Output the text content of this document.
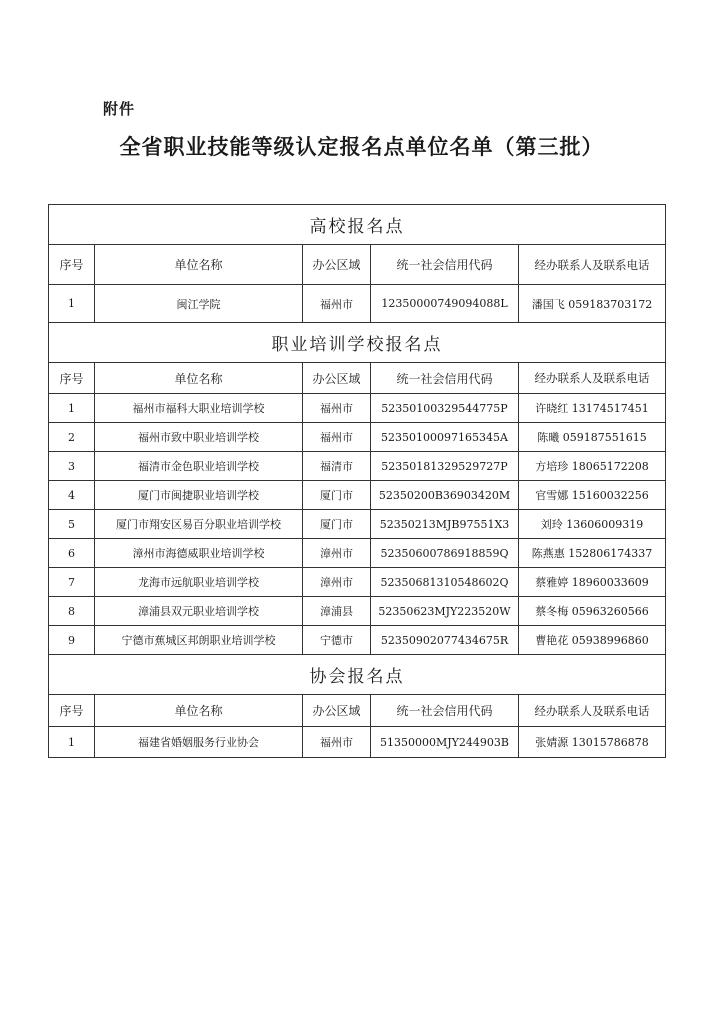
附件
全省职业技能等级认定报名点单位名单（第三批）
高校报名点				
序号	单位名称	办公区域	统一社会信用代码	经办联系人及联系电话
1	闽江学院	福州市	12350000749094088L	潘国飞 059183703172
职业培训学校报名点				
序号	单位名称	办公区域	统一社会信用代码	经办联系人及联系电话
1	福州市福科大职业培训学校	福州市	52350100329544775P	许晓红 13174517451
2	福州市致中职业培训学校	福州市	52350100097165345A	陈曦 059187551615
3	福清市金色职业培训学校	福清市	52350181329529727P	方培珍 18065172208
4	厦门市闽捷职业培训学校	厦门市	52350200B36903420M	官雪娜 15160032256
5	厦门市翔安区易百分职业培训学校	厦门市	52350213MJB97551X3	刘玲 13606009319
6	漳州市海德威职业培训学校	漳州市	52350600786918859Q	陈燕惠 152806174337
7	龙海市远航职业培训学校	漳州市	52350681310548602Q	蔡雅婷 18960033609
8	漳浦县双元职业培训学校	漳浦县	52350623MJY223520W	蔡冬梅 05963260566
9	宁德市蕉城区邦朗职业培训学校	宁德市	52350902077434675R	曹艳花 05938996860
协会报名点				
序号	单位名称	办公区域	统一社会信用代码	经办联系人及联系电话
1	福建省婚姻服务行业协会	福州市	51350000MJY244903B	张婧源 13015786878
